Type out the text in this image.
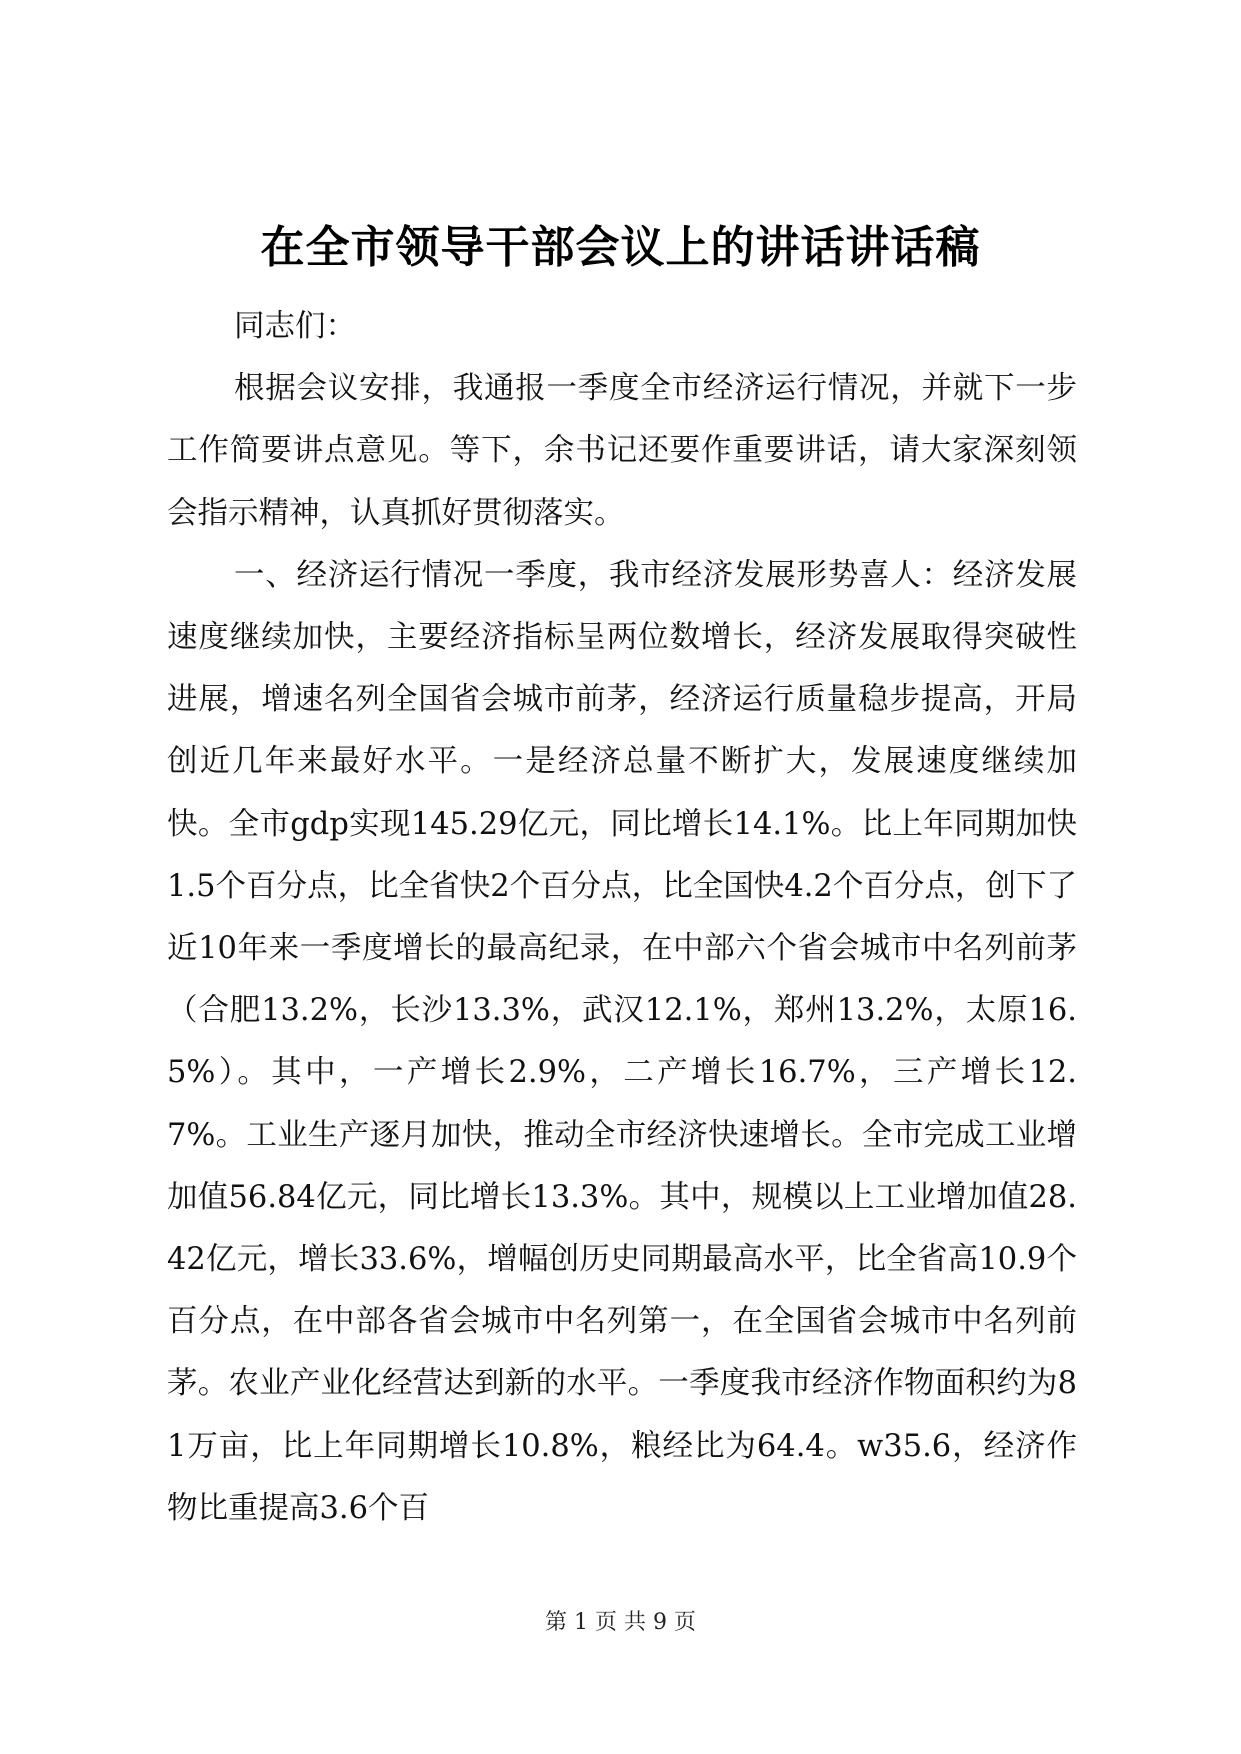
在全市领导干部会议上的讲话讲话稿

同志们：

根据会议安排，我通报一季度全市经济运行情况，并就下一步工作简要讲点意见。等下，余书记还要作重要讲话，请大家深刻领会指示精神，认真抓好贯彻落实。

一、经济运行情况一季度，我市经济发展形势喜人：经济发展速度继续加快，主要经济指标呈两位数增长，经济发展取得突破性进展，增速名列全国省会城市前茅，经济运行质量稳步提高，开局创近几年来最好水平。一是经济总量不断扩大，发展速度继续加快。全市gdp实现145.29亿元，同比增长14.1%。比上年同期加快1.5个百分点，比全省快2个百分点，比全国快4.2个百分点，创下了近10年来一季度增长的最高纪录，在中部六个省会城市中名列前茅（合肥13.2%，长沙13.3%，武汉12.1%，郑州13.2%，太原16.5%）。其中，一产增长2.9%，二产增长16.7%，三产增长12.7%。工业生产逐月加快，推动全市经济快速增长。全市完成工业增加值56.84亿元，同比增长13.3%。其中，规模以上工业增加值28.42亿元，增长33.6%，增幅创历史同期最高水平，比全省高10.9个百分点，在中部各省会城市中名列第一，在全国省会城市中名列前茅。农业产业化经营达到新的水平。一季度我市经济作物面积约为81万亩，比上年同期增长10.8%，粮经比为64.4。w35.6，经济作物比重提高3.6个百

第 1 页 共 9 页
